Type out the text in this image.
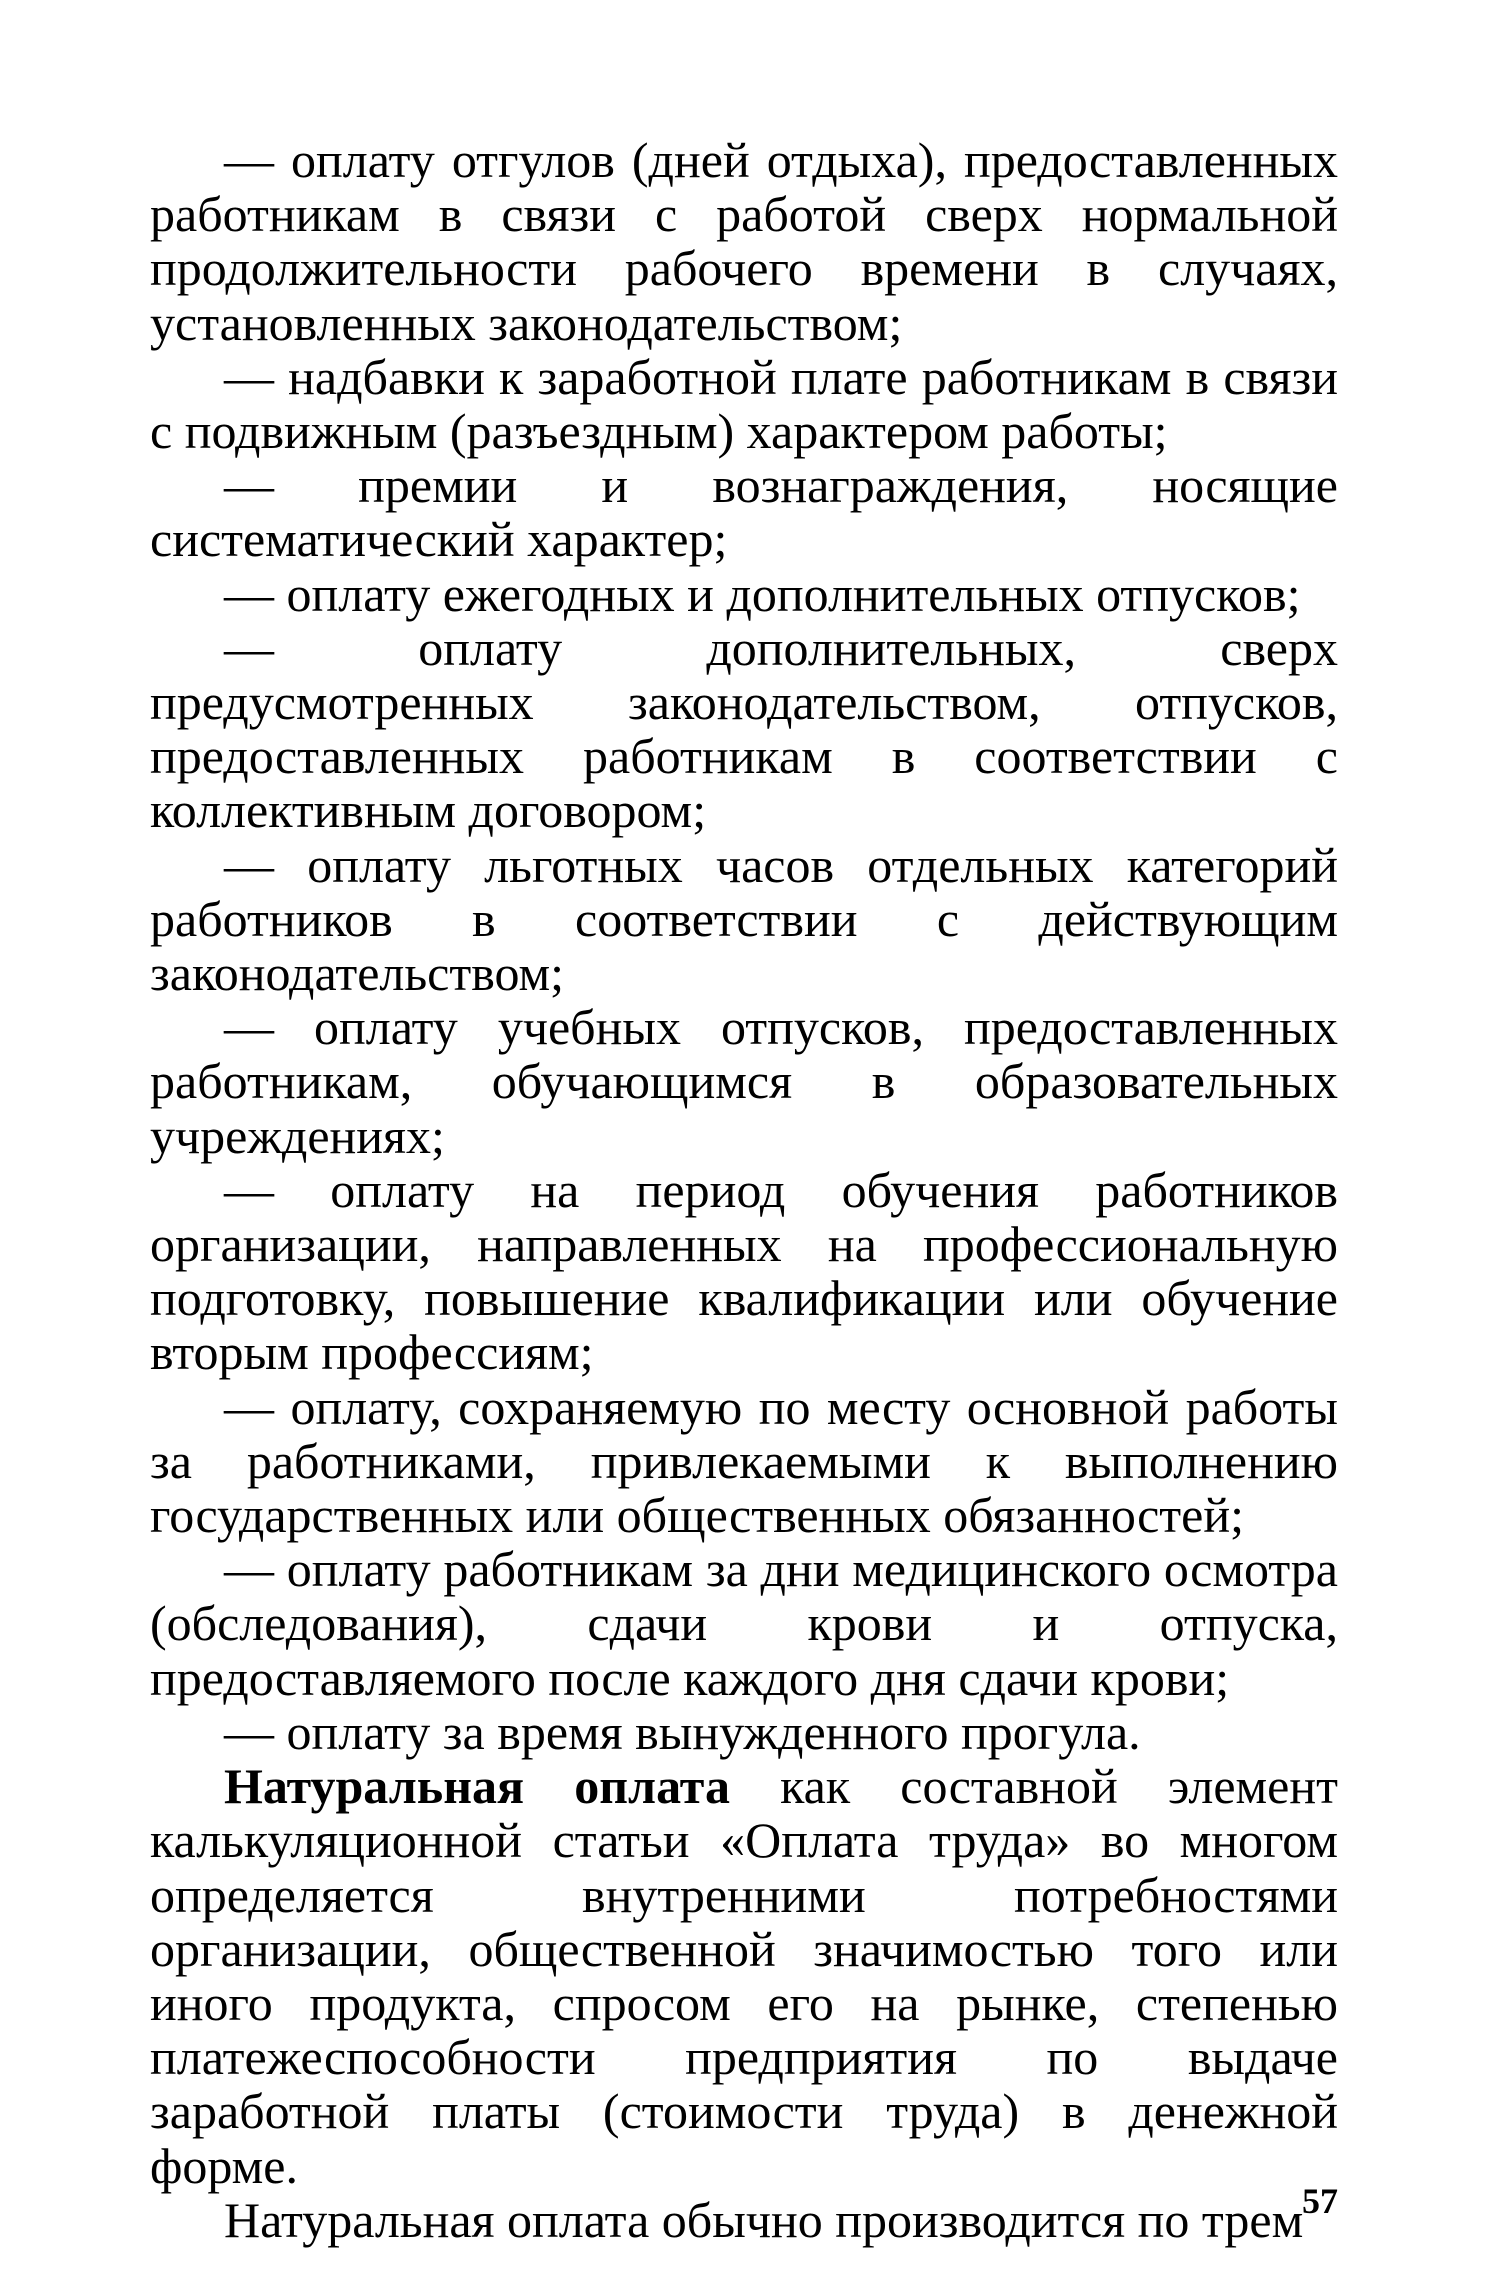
— оплату отгулов (дней отдыха), предоставленных работникам в связи с работой сверх нормальной продолжительности рабочего времени в случаях, установленных законодательством;

— надбавки к заработной плате работникам в связи с подвижным (разъездным) характером работы;

— премии и вознаграждения, носящие систематический характер;

— оплату ежегодных и дополнительных отпусков;

— оплату дополнительных, сверх предусмотренных законодательством, отпусков, предоставленных работникам в соответствии с коллективным договором;

— оплату льготных часов отдельных категорий работников в соответствии с действующим законодательством;

— оплату учебных отпусков, предоставленных работникам, обучающимся в образовательных учреждениях;

— оплату на период обучения работников организации, направленных на профессиональную подготовку, повышение квалификации или обучение вторым профессиям;

— оплату, сохраняемую по месту основной работы за работниками, привлекаемыми к выполнению государственных или общественных обязанностей;

— оплату работникам за дни медицинского осмотра (обследования), сдачи крови и отпуска, предоставляемого после каждого дня сдачи крови;

— оплату за время вынужденного прогула.

Натуральная оплата как составной элемент калькуляционной статьи «Оплата труда» во многом определяется внутренними потребностями организации, общественной значимостью того или иного продукта, спросом его на рынке, степенью платежеспособности предприятия по выдаче заработной платы (стоимости труда) в денежной форме.

Натуральная оплата обычно производится по трем

57
